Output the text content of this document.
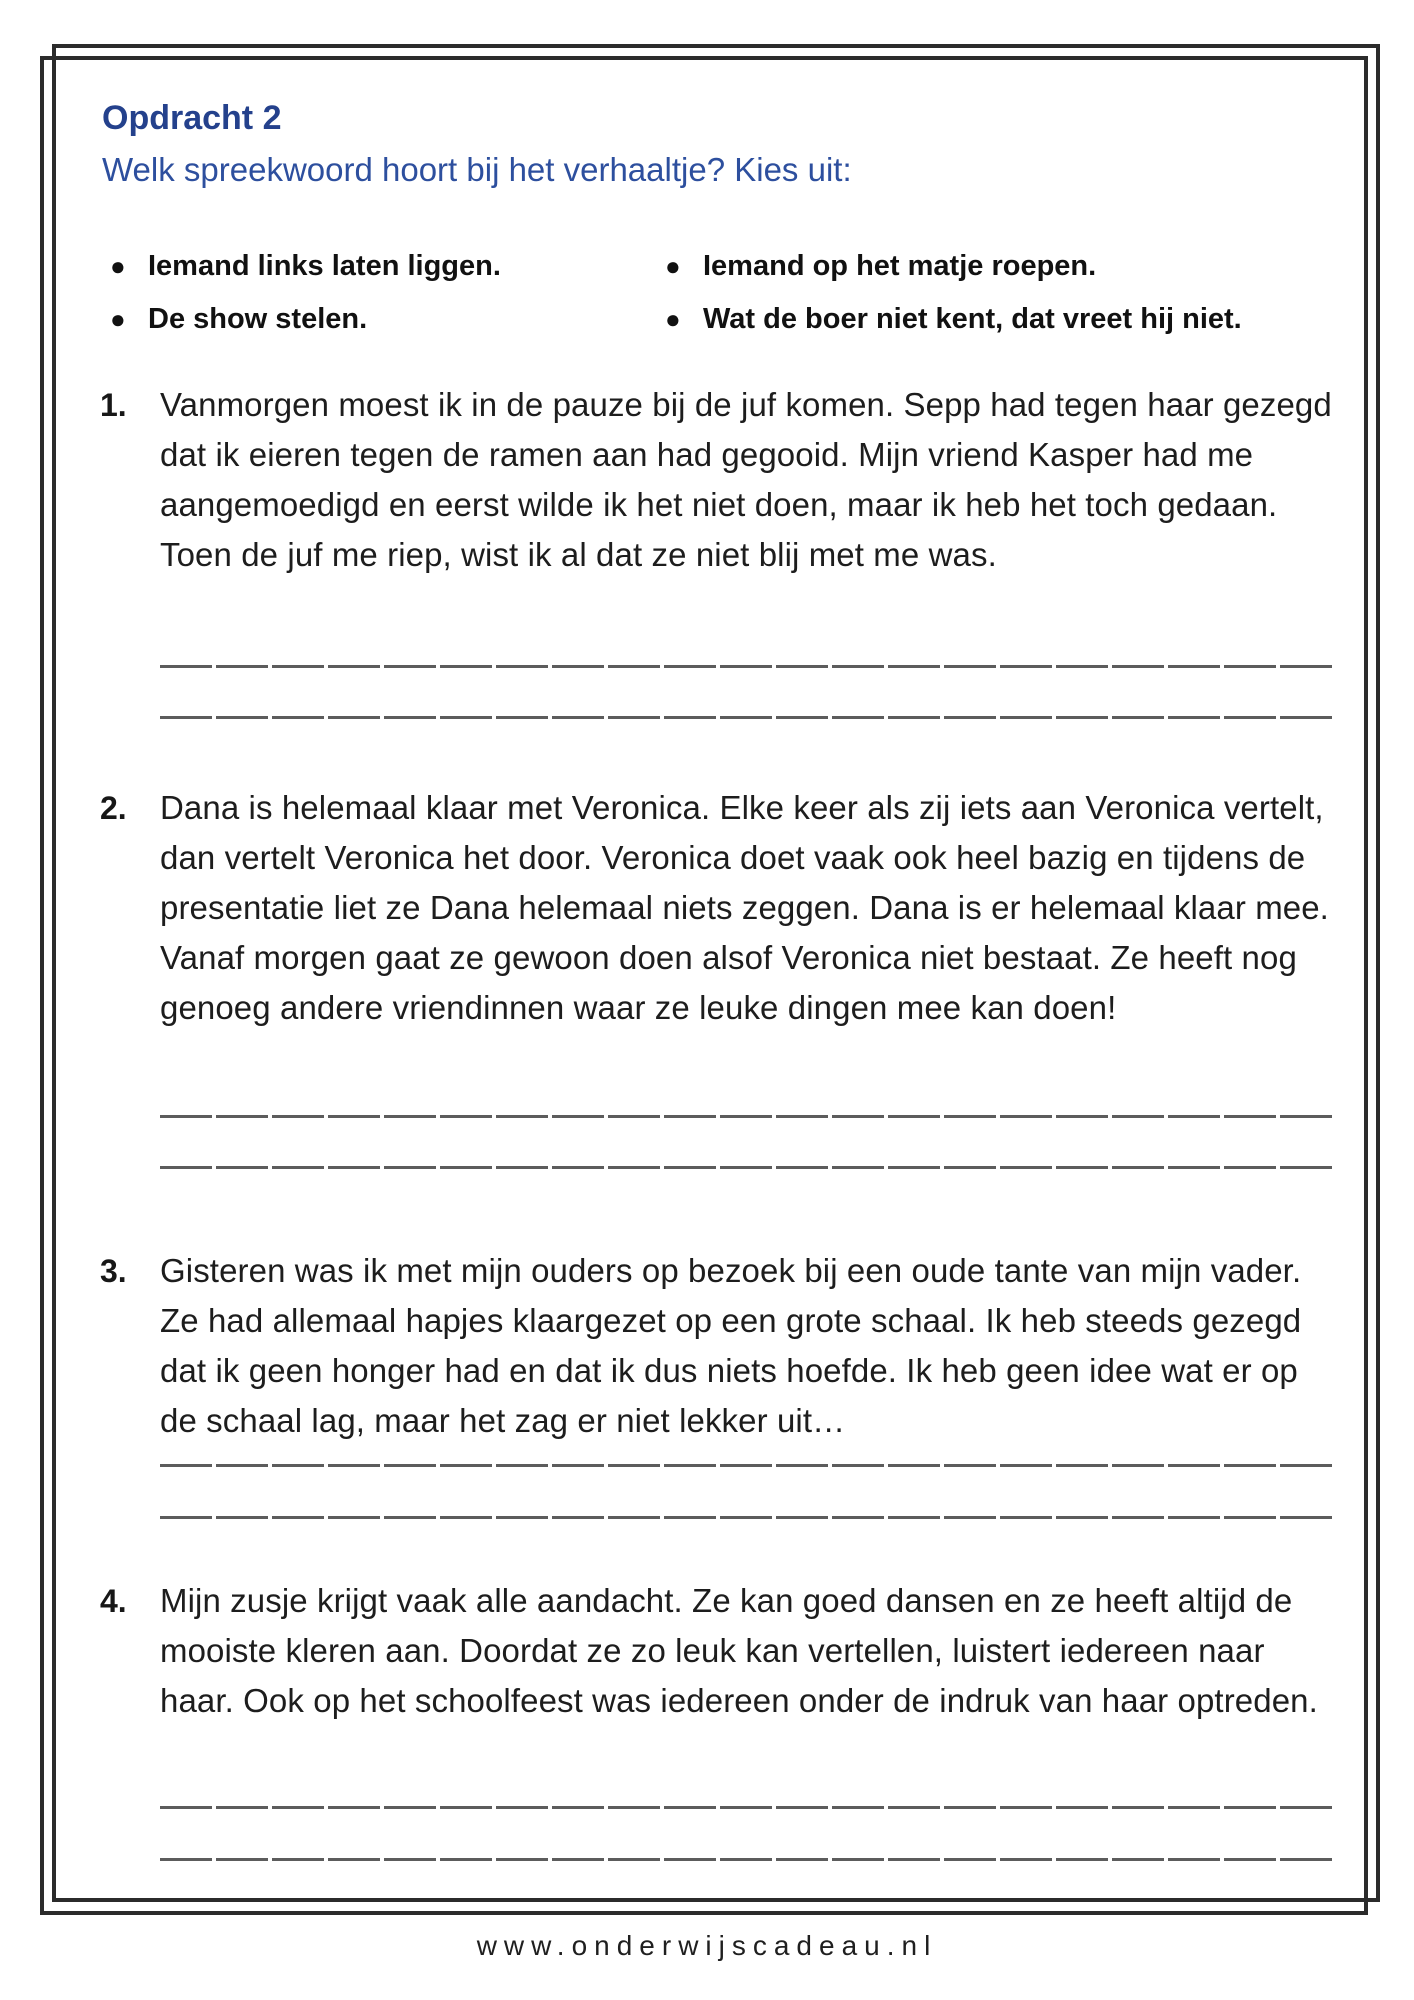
Opdracht 2
Welk spreekwoord hoort bij het verhaaltje? Kies uit:
● Iemand links laten liggen.
● De show stelen.
● Iemand op het matje roepen.
● Wat de boer niet kent, dat vreet hij niet.
1.	Vanmorgen moest ik in de pauze bij de juf komen. Sepp had tegen haar gezegd dat ik eieren tegen de ramen aan had gegooid. Mijn vriend Kasper had me aangemoedigd en eerst wilde ik het niet doen, maar ik heb het toch gedaan. Toen de juf me riep, wist ik al dat ze niet blij met me was.

2.	Dana is helemaal klaar met Veronica. Elke keer als zij iets aan Veronica vertelt, dan vertelt Veronica het door. Veronica doet vaak ook heel bazig en tijdens de presentatie liet ze Dana helemaal niets zeggen. Dana is er helemaal klaar mee. Vanaf morgen gaat ze gewoon doen alsof Veronica niet bestaat. Ze heeft nog genoeg andere vriendinnen waar ze leuke dingen mee kan doen!

3.	Gisteren was ik met mijn ouders op bezoek bij een oude tante van mijn vader. Ze had allemaal hapjes klaargezet op een grote schaal. Ik heb steeds gezegd dat ik geen honger had en dat ik dus niets hoefde. Ik heb geen idee wat er op de schaal lag, maar het zag er niet lekker uit…

4.	Mijn zusje krijgt vaak alle aandacht. Ze kan goed dansen en ze heeft altijd de mooiste kleren aan. Doordat ze zo leuk kan vertellen, luistert iedereen naar haar. Ook op het schoolfeest was iedereen onder de indruk van haar optreden.

www.onderwijscadeau.nl
